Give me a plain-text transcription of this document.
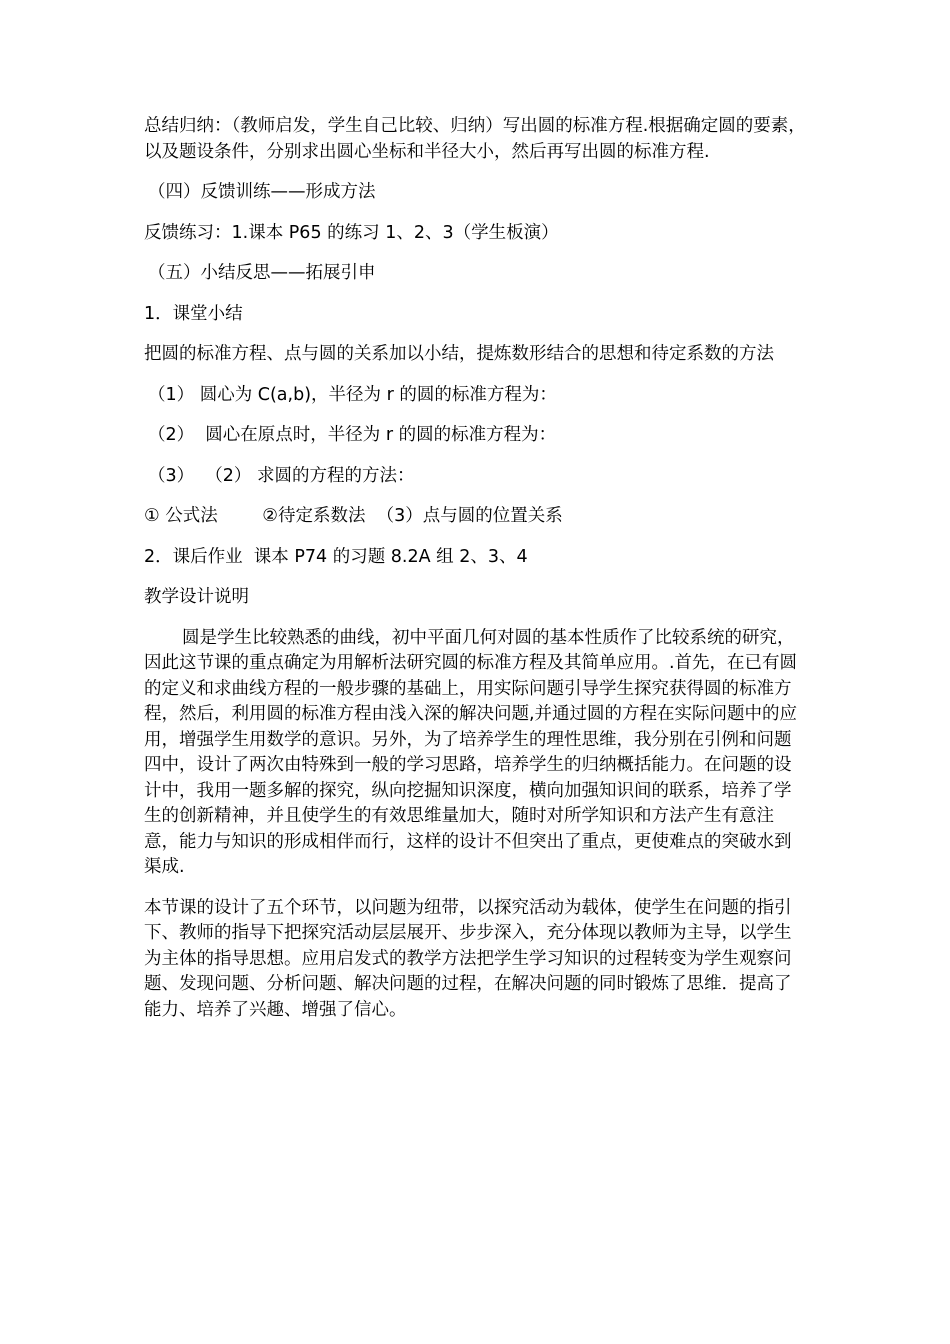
总结归纳：（教师启发，学生自己比较、归纳）写出圆的标准方程.根据确定圆的要素，以及题设条件，分别求出圆心坐标和半径大小，然后再写出圆的标准方程.

（四）反馈训练——形成方法

反馈练习：1.课本 P65 的练习 1、2、3（学生板演）

（五）小结反思——拓展引申

1．课堂小结

把圆的标准方程、点与圆的关系加以小结，提炼数形结合的思想和待定系数的方法

（1） 圆心为 C(a,b)，半径为 r 的圆的标准方程为：

（2）  圆心在原点时，半径为 r 的圆的标准方程为：

（3）  （2） 求圆的方程的方法：

① 公式法        ②待定系数法  （3）点与圆的位置关系

2．课后作业  课本 P74 的习题 8.2A 组 2、3、4

教学设计说明

圆是学生比较熟悉的曲线，初中平面几何对圆的基本性质作了比较系统的研究，因此这节课的重点确定为用解析法研究圆的标准方程及其简单应用。.首先，在已有圆的定义和求曲线方程的一般步骤的基础上，用实际问题引导学生探究获得圆的标准方程，然后，利用圆的标准方程由浅入深的解决问题,并通过圆的方程在实际问题中的应用，增强学生用数学的意识。另外，为了培养学生的理性思维，我分别在引例和问题四中，设计了两次由特殊到一般的学习思路，培养学生的归纳概括能力。在问题的设计中，我用一题多解的探究，纵向挖掘知识深度，横向加强知识间的联系，培养了学生的创新精神，并且使学生的有效思维量加大，随时对所学知识和方法产生有意注意，能力与知识的形成相伴而行，这样的设计不但突出了重点，更使难点的突破水到渠成.

本节课的设计了五个环节，以问题为纽带，以探究活动为载体，使学生在问题的指引下、教师的指导下把探究活动层层展开、步步深入，充分体现以教师为主导，以学生为主体的指导思想。应用启发式的教学方法把学生学习知识的过程转变为学生观察问题、发现问题、分析问题、解决问题的过程，在解决问题的同时锻炼了思维．提高了能力、培养了兴趣、增强了信心。
